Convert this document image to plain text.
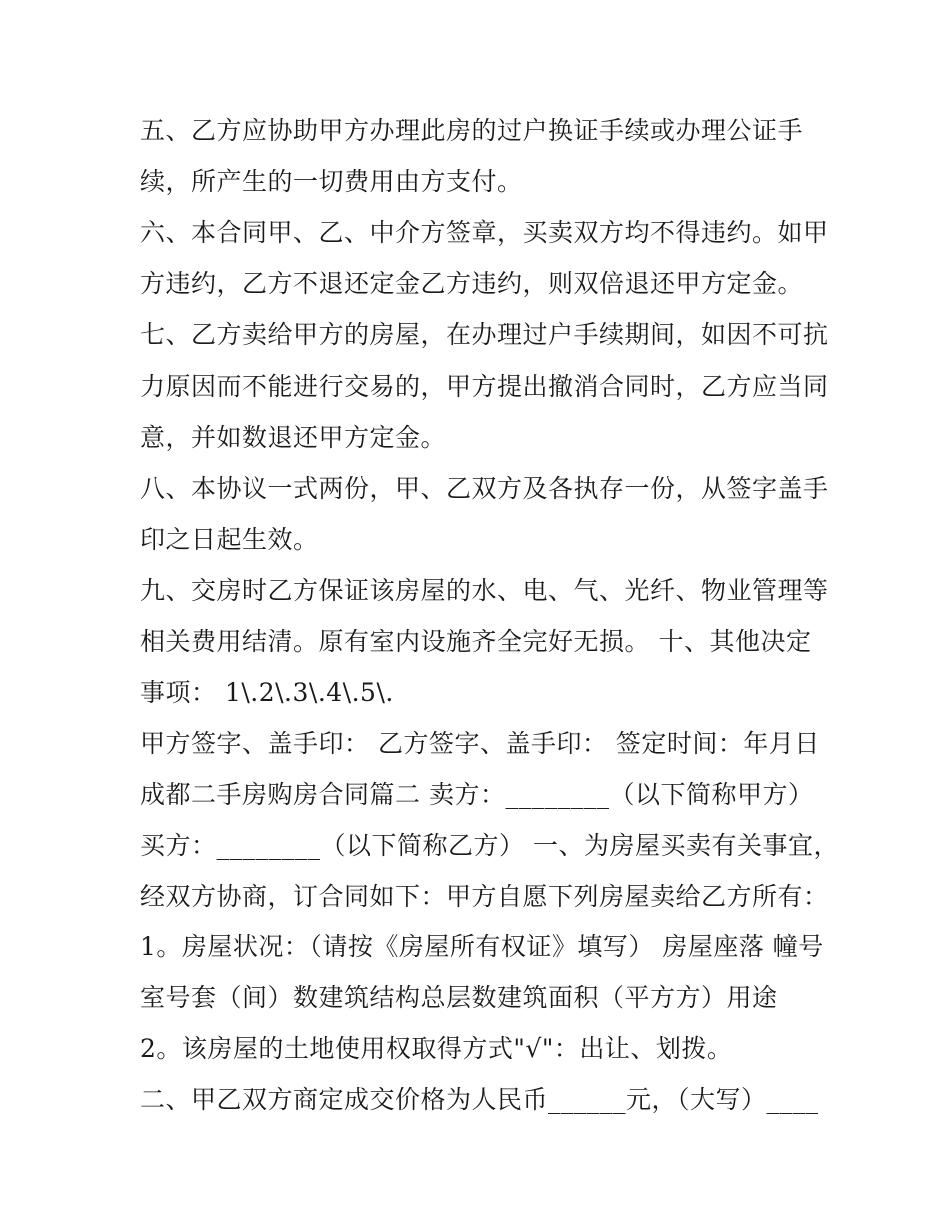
五、乙方应协助甲方办理此房的过户换证手续或办理公证手
续，所产生的一切费用由方支付。
六、本合同甲、乙、中介方签章，买卖双方均不得违约。如甲
方违约，乙方不退还定金乙方违约，则双倍退还甲方定金。
七、乙方卖给甲方的房屋，在办理过户手续期间，如因不可抗
力原因而不能进行交易的，甲方提出撤消合同时，乙方应当同
意，并如数退还甲方定金。
八、本协议一式两份，甲、乙双方及各执存一份，从签字盖手
印之日起生效。
九、交房时乙方保证该房屋的水、电、气、光纤、物业管理等
相关费用结清。原有室内设施齐全完好无损。 十、其他决定
事项： 1\.2\.3\.4\.5\.
甲方签字、盖手印： 乙方签字、盖手印： 签定时间：年月日
成都二手房购房合同篇二 卖方：________（以下简称甲方）
买方：________（以下简称乙方） 一、为房屋买卖有关事宜，
经双方协商，订合同如下：甲方自愿下列房屋卖给乙方所有：
1。房屋状况：（请按《房屋所有权证》填写） 房屋座落 幢号
室号套（间）数建筑结构总层数建筑面积（平方方）用途
2。该房屋的土地使用权取得方式"√"：出让、划拨。
二、甲乙双方商定成交价格为人民币______元，（大写）____
